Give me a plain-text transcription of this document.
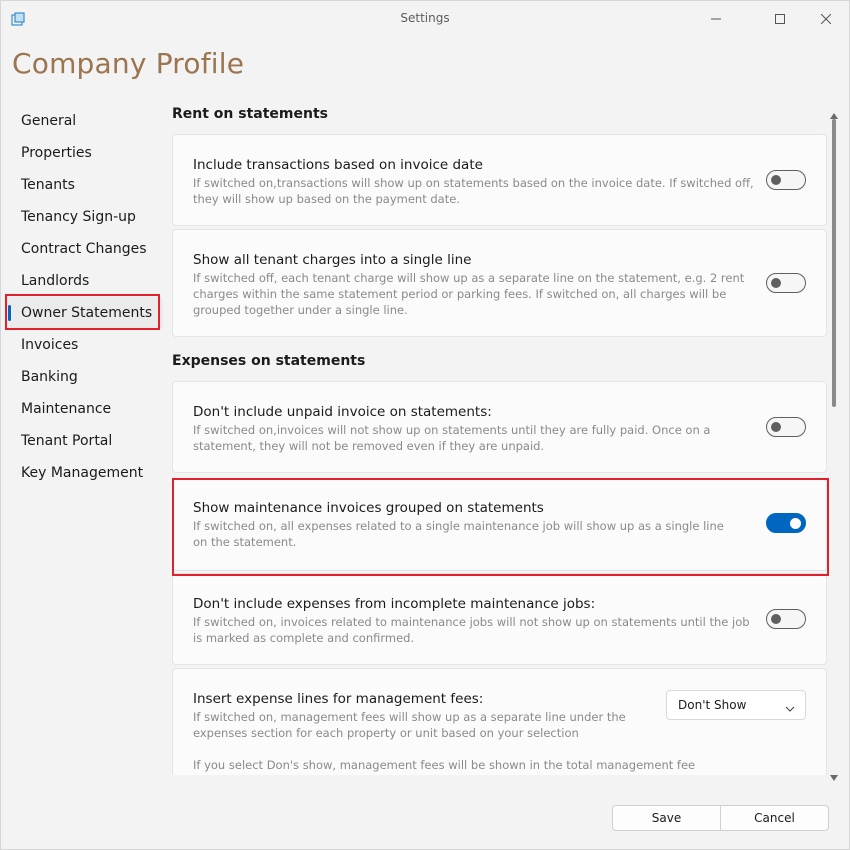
Settings
Company Profile
General
Properties
Tenants
Tenancy Sign-up
Contract Changes
Landlords
Owner Statements
Invoices
Banking
Maintenance
Tenant Portal
Key Management
Rent on statements
Include transactions based on invoice date
If switched on,transactions will show up on statements based on the invoice date. If switched off, they will show up based on the payment date.
Show all tenant charges into a single line
If switched off, each tenant charge will show up as a separate line on the statement, e.g. 2 rent charges within the same statement period or parking fees. If switched on, all charges will be grouped together under a single line.
Expenses on statements
Don't include unpaid invoice on statements:
If switched on,invoices will not show up on statements until they are fully paid. Once on a statement, they will not be removed even if they are unpaid.
Show maintenance invoices grouped on statements
If switched on, all expenses related to a single maintenance job will show up as a single line on the statement.
Don't include expenses from incomplete maintenance jobs:
If switched on, invoices related to maintenance jobs will not show up on statements until the job is marked as complete and confirmed.
Insert expense lines for management fees:
If switched on, management fees will show up as a separate line under the expenses section for each property or unit based on your selection
If you select Don's show, management fees will be shown in the total management fee
Don't Show
Save	Cancel
